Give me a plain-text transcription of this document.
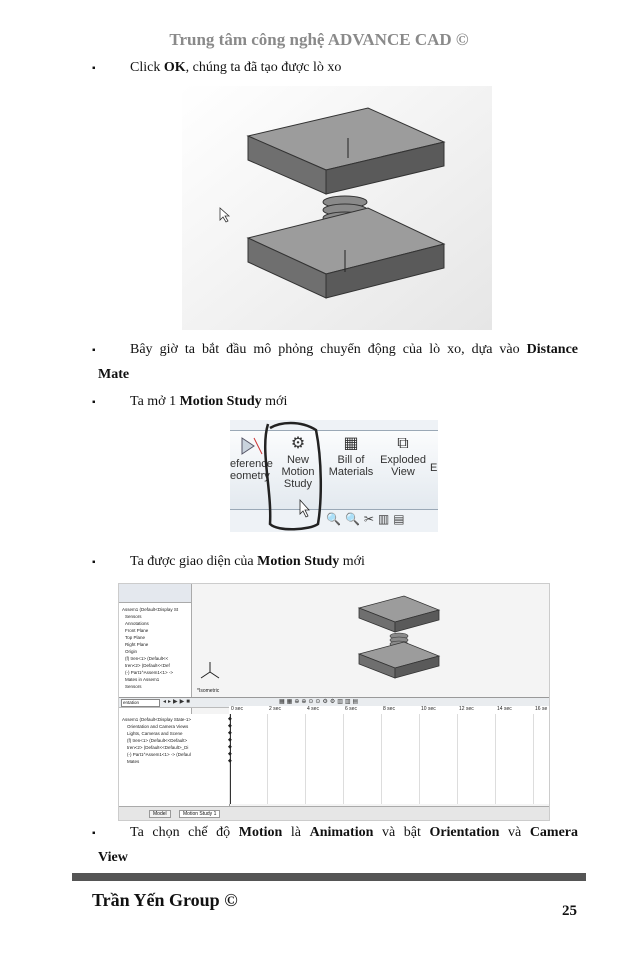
Trung tâm công nghệ ADVANCE CAD ©
▪ Click OK, chúng ta đã tạo được lò xo
▪ Bây giờ ta bắt đầu mô phỏng chuyển động của lò xo, dựa vào Distance
Mate
▪ Ta mở 1 Motion Study mới
eference
eometry
⚙
New
Motion
Study
▦
Bill of
Materials
⧉
Exploded
View	E
🔍🔍✂▥▤
▪ Ta được giao diện của Motion Study mới
Assem1 (Default<Display St
Sensors
Annotations
Front Plane
Top Plane
Right Plane
Origin
(f) tren<1> (Default<<
tren<2> (Default<<Def
(-) Part1^Assem1<1> ->
Mates in Assem1
Sensors
*Isometric
entation	◂▸▶▶■	▦▦⊕⊕⊙⊙⚙⚙▥▥▤
0 sec	2 sec	4 sec	6 sec	8 sec	10 sec	12 sec	14 sec	16 se
Assem1 (Default<Display State-1>
Orientation and Camera Views
Lights, Cameras and Scene
(f) tren<1> (Default<<Default>
tren<2> (Default<<Default>_Di
(-) Part1^Assem1<1> -> (Defaul
Mates
◆
◆
◆
◆
◆
◆
◆
Model	Motion Study 1
▪ Ta chọn chế độ Motion là Animation và bật Orientation và Camera
View
Trần Yến Group ©
25
